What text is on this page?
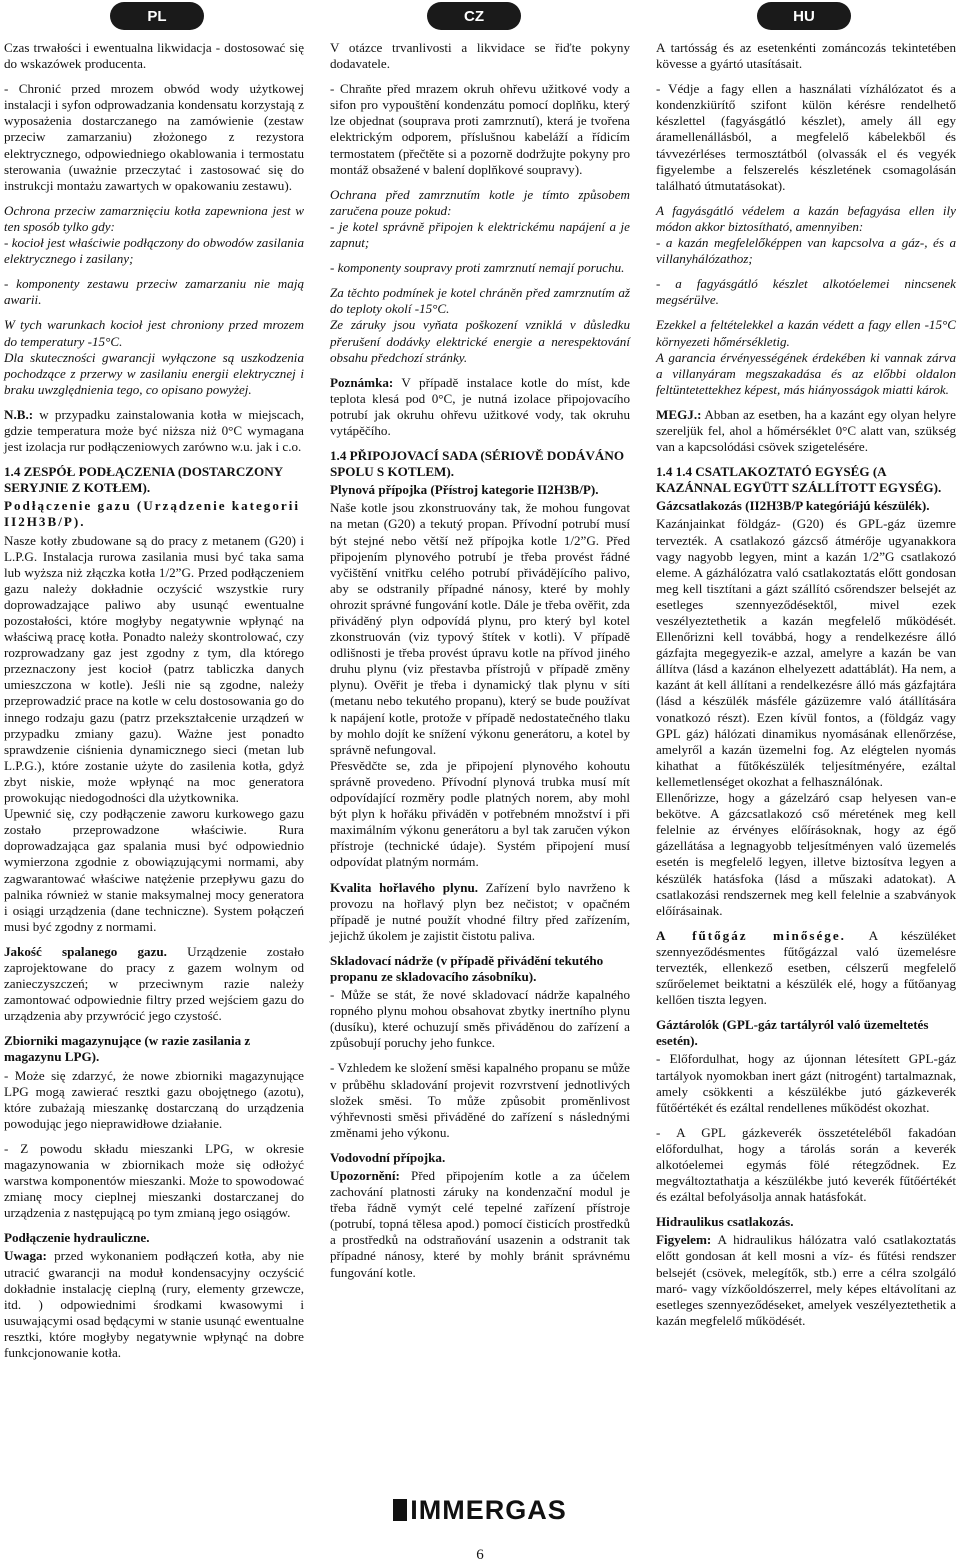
PL	CZ	HU

Czas trwałości i ewentualna likwidacja - dostosować się do wskazówek producenta.

- Chronić przed mrozem obwód wody użytkowej instalacji i syfon odprowadzania kondensatu korzystają z wyposażenia dostarczanego na zamówienie (zestaw przeciw zamarzaniu) złożonego z rezystora elektrycznego, odpowiedniego okablowania i termostatu sterowania (uważnie przeczytać i zastosować się do instrukcji montażu zawartych w opakowaniu zestawu).

Ochrona przeciw zamarznięciu kotła zapewniona jest w ten sposób tylko gdy:

- kocioł jest właściwie podłączony do obwodów zasilania elektrycznego i zasilany;

- komponenty zestawu przeciw zamarzaniu nie mają awarii.

W tych warunkach kocioł jest chroniony przed mrozem do temperatury -15°C.

Dla skuteczności gwarancji wyłączone są uszkodzenia pochodzące z przerwy w zasilaniu energii elektrycznej i braku uwzględnienia tego, co opisano powyżej.

N.B.: w przypadku zainstalowania kotła w miejscach, gdzie temperatura może być niższa niż 0°C wymagana jest izolacja rur podłączeniowych zarówno w.u. jak i c.o.

1.4 ZESPÓŁ PODŁĄCZENIA (DOSTARCZONY SERYJNIE Z KOTŁEM).

Podłączenie gazu (Urządzenie kategorii II2H3B/P).

Nasze kotły zbudowane są do pracy z metanem (G20) i L.P.G. Instalacja rurowa zasilania musi być taka sama lub wyższa niż złączka kotła 1/2”G. Przed podłączeniem gazu należy dokładnie oczyścić wszystkie rury doprowadzające paliwo aby usunąć ewentualne pozostałości, które mogłyby negatywnie wpłynąć na właściwą pracę kotła. Ponadto należy skontrolować, czy rozprowadzany gaz jest zgodny z tym, dla którego przeznaczony jest kocioł (patrz tabliczka danych umieszczona w kotle). Jeśli nie są zgodne, należy przeprowadzić prace na kotle w celu dostosowania go do innego rodzaju gazu (patrz przekształcenie urządzeń w przypadku zmiany gazu). Ważne jest ponadto sprawdzenie ciśnienia dynamicznego sieci (metan lub L.P.G.), które zostanie użyte do zasilenia kotła, gdyż zbyt niskie, może wpłynąć na moc generatora prowokując niedogodności dla użytkownika.

Upewnić się, czy podłączenie zaworu kurkowego gazu zostało przeprowadzone właściwie. Rura doprowadzająca gaz spalania musi być odpowiednio wymierzona zgodnie z obowiązującymi normami, aby zagwarantować właściwe natężenie przepływu gazu do palnika również w stanie maksymalnej mocy generatora i osiągi urządzenia (dane techniczne). System połączeń musi być zgodny z normami.

Jakość spalanego gazu. Urządzenie zostało zaprojektowane do pracy z gazem wolnym od zanieczyszczeń; w przeciwnym razie należy zamontować odpowiednie filtry przed wejściem gazu do urządzenia aby przywrócić jego czystość.

Zbiorniki magazynujące (w razie zasilania z magazynu LPG).

- Może się zdarzyć, że nowe zbiorniki magazynujące LPG mogą zawierać resztki gazu obojętnego (azotu), które zubażają mieszankę dostarczaną do urządzenia powodując jego nieprawidłowe działanie.

- Z powodu składu mieszanki LPG, w okresie magazynowania w zbiornikach może się odłożyć warstwa komponentów mieszanki. Może to spowodować zmianę mocy cieplnej mieszanki dostarczanej do urządzenia z następującą po tym zmianą jego osiągów.

Podłączenie hydrauliczne.

Uwaga: przed wykonaniem podłączeń kotła, aby nie utracić gwarancji na moduł kondensacyjny oczyścić dokładnie instalację cieplną (rury, elementy grzewcze, itd. ) odpowiednimi środkami kwasowymi i usuwającymi osad będącymi w stanie usunąć ewentualne resztki, które mogłyby negatywnie wpłynąć na dobre funkcjonowanie kotła.

V otázce trvanlivosti a likvidace se řiďte pokyny dodavatele.

- Chraňte před mrazem okruh ohřevu užitkové vody a sifon pro vypouštění kondenzátu pomocí doplňku, který lze objednat (souprava proti zamrznutí), která je tvořena elektrickým odporem, příslušnou kabeláží a řídicím termostatem (přečtěte si a pozorně dodržujte pokyny pro montáž obsažené v balení doplňkové soupravy).

Ochrana před zamrznutím kotle je tímto způsobem zaručena pouze pokud:

- je kotel správně připojen k elektrickému napájení a je zapnut;

- komponenty soupravy proti zamrznutí nemají poruchu.

Za těchto podmínek je kotel chráněn před zamrznutím až do teploty okolí -15°C.

Ze záruky jsou vyňata poškození vzniklá v důsledku přerušení dodávky elektrické energie a nerespektování obsahu předchozí stránky.

Poznámka: V případě instalace kotle do míst, kde teplota klesá pod 0°C, je nutná izolace připojovacího potrubí jak okruhu ohřevu užitkové vody, tak okruhu vytápěčího.

1.4 PŘIPOJOVACÍ SADA (SÉRIOVĚ DODÁVÁNO SPOLU S KOTLEM).

Plynová přípojka (Přístroj kategorie II2H3B/P).

Naše kotle jsou zkonstruovány tak, že mohou fungovat na metan (G20) a tekutý propan. Přívodní potrubí musí být stejné nebo větší než přípojka kotle 1/2”G. Před připojením plynového potrubí je třeba provést řádné vyčištění vnitřku celého potrubí přivádějícího palivo, aby se odstranily případné nánosy, které by mohly ohrozit správné fungování kotle. Dále je třeba ověřit, zda přiváděný plyn odpovídá plynu, pro který byl kotel zkonstruován (viz typový štítek v kotli). V případě odlišnosti je třeba provést úpravu kotle na přívod jiného druhu plynu (viz přestavba přístrojů v případě změny plynu). Ověřit je třeba i dynamický tlak plynu v síti (metanu nebo tekutého propanu), který se bude používat k napájení kotle, protože v případě nedostatečného tlaku by mohlo dojít ke snížení výkonu generátoru, a kotel by správně nefungoval.

Přesvědčte se, zda je připojení plynového kohoutu správně provedeno. Přívodní plynová trubka musí mít odpovídající rozměry podle platných norem, aby mohl být plyn k hořáku přiváděn v potřebném množství i při maximálním výkonu generátoru a byl tak zaručen výkon přístroje (technické údaje). Systém připojení musí odpovídat platným normám.

Kvalita hořlavého plynu. Zařízení bylo navrženo k provozu na hořlavý plyn bez nečistot; v opačném případě je nutné použít vhodné filtry před zařízením, jejichž úkolem je zajistit čistotu paliva.

Skladovací nádrže (v případě přivádění tekutého propanu ze skladovacího zásobníku).

- Může se stát, že nové skladovací nádrže kapalného ropného plynu mohou obsahovat zbytky inertního plynu (dusíku), které ochuzují směs přiváděnou do zařízení a způsobují poruchy jeho funkce.

- Vzhledem ke složení směsi kapalného propanu se může v průběhu skladování projevit rozvrstvení jednotlivých složek směsi. To může způsobit proměnlivost výhřevnosti směsi přiváděné do zařízení s následnými změnami jeho výkonu.

Vodovodní přípojka.

Upozornění: Před připojením kotle a za účelem zachování platnosti záruky na kondenzační modul je třeba řádně vymýt celé tepelné zařízení přístroje (potrubí, topná tělesa apod.) pomocí čisticích prostředků a prostředků na odstraňování usazenin a odstranit tak případné nánosy, které by mohly bránit správnému fungování kotle.

A tartósság és az esetenkénti zománcozás tekintetében kövesse a gyártó utasításait.

- Védje a fagy ellen a használati vízhálózatot és a kondenzkiürítő szifont külön kérésre rendelhető készlettel (fagyásgátló készlet), amely áll egy áramellenállásból, a megfelelő kábelekből és távvezérléses termosztátból (olvassák el és vegyék figyelembe a felszerelés készletének csomagolásán található útmutatásokat).

A fagyásgátló védelem a kazán befagyása ellen ily módon akkor biztosítható, amennyiben:

- a kazán megfelelőképpen van kapcsolva a gáz-, és a villanyhálózathoz;

- a fagyásgátló készlet alkotóelemei nincsenek megsérülve.

Ezekkel a feltételekkel a kazán védett a fagy ellen -15°C környezeti hőmérsékletig.

A garancia érvényességének érdekében ki vannak zárva a villanyáram megszakadása és az előbbi oldalon feltüntetettekhez képest, más hiányosságok miatti károk.

MEGJ.: Abban az esetben, ha a kazánt egy olyan helyre szereljük fel, ahol a hőmérséklet 0°C alatt van, szükség van a kapcsolódási csövek szigetelésére.

1.4 1.4 CSATLAKOZTATÓ EGYSÉG (A KAZÁNNAL EGYÜTT SZÁLLÍTOTT EGYSÉG).

Gázcsatlakozás (II2H3B/P kategóriájú készülék).

Kazánjainkat földgáz- (G20) és GPL-gáz üzemre tervezték. A csatlakozó gázcső átmérője ugyanakkora vagy nagyobb legyen, mint a kazán 1/2”G csatlakozó eleme. A gázhálózatra való csatlakoztatás előtt gondosan meg kell tisztítani a gázt szállító csőrendszer belsejét az esetleges szennyeződésektől, mivel ezek veszélyeztethetik a kazán megfelelő működését. Ellenőrizni kell továbbá, hogy a rendelkezésre álló gázfajta megegyezik-e azzal, amelyre a kazán be van állítva (lásd a kazánon elhelyezett adattáblát). Ha nem, a kazánt át kell állítani a rendelkezésre álló más gázfajtára (lásd a készülék másféle gázüzemre való átállítására vonatkozó részt). Ezen kívül fontos, a (földgáz vagy GPL gáz) hálózati dinamikus nyomásának ellenőrzése, amelyről a kazán üzemelni fog. Az elégtelen nyomás kihathat a fűtőkészülék teljesítményére, ezáltal kellemetlenséget okozhat a felhasználónak.

Ellenőrizze, hogy a gázelzáró csap helyesen van-e bekötve. A gázcsatlakozó cső méretének meg kell felelnie az érvényes előírásoknak, hogy az égő gázellátása a legnagyobb teljesítményen való üzemelés esetén is megfelelő legyen, illetve biztosítva legyen a készülék hatásfoka (lásd a műszaki adatokat). A csatlakozási rendszernek meg kell felelnie a szabványok előírásainak.

A fűtőgáz minősége. A készüléket szennyeződésmentes fűtőgázzal való üzemelésre tervezték, ellenkező esetben, célszerű megfelelő szűrőelemet beiktatni a készülék elé, hogy a fűtőanyag kellően tiszta legyen.

Gáztárolók (GPL-gáz tartályról való üzemeltetés esetén).

- Előfordulhat, hogy az újonnan létesített GPL-gáz tartályok nyomokban inert gázt (nitrogént) tartalmaznak, amely csökkenti a készülékbe jutó gázkeverék fűtőértékét és ezáltal rendellenes működést okozhat.

- A GPL gázkeverék összetételéből fakadóan előfordulhat, hogy a tárolás során a keverék alkotóelemei egymás fölé rétegződnek. Ez megváltoztathatja a készülékbe jutó keverék fűtőértékét és ezáltal befolyásolja annak hatásfokát.

Hidraulikus csatlakozás.

Figyelem: A hidraulikus hálózatra való csatlakoztatás előtt gondosan át kell mosni a víz- és fűtési rendszer belsejét (csövek, melegítők, stb.) erre a célra szolgáló maró- vagy vízkőoldószerrel, mely képes eltávolítani az esetleges szennyeződéseket, amelyek veszélyeztethetik a kazán megfelelő működését.

IMMERGAS
6
